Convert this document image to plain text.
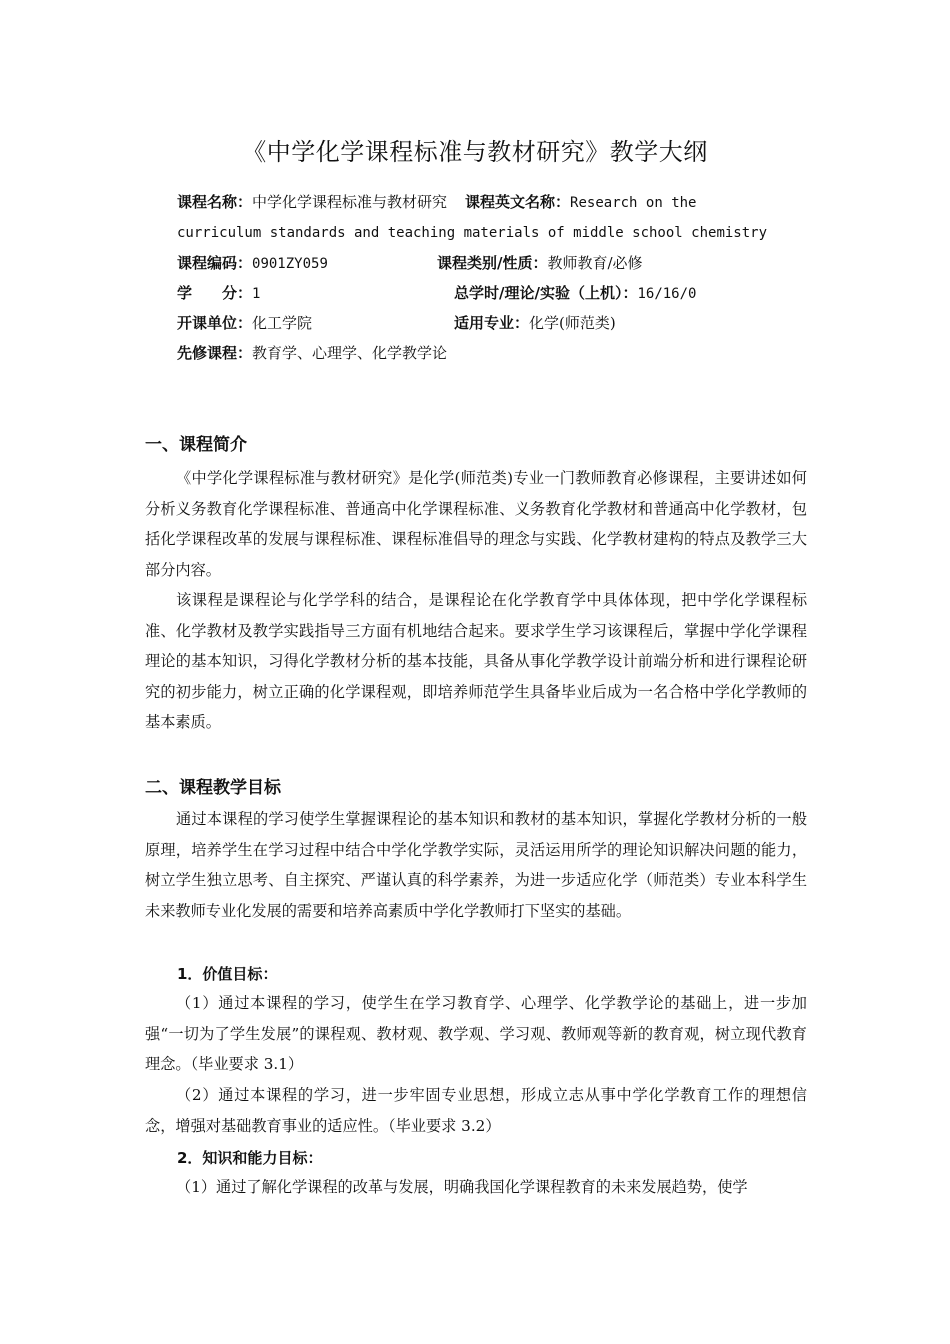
《中学化学课程标准与教材研究》教学大纲
课程名称：中学化学课程标准与教材研究 课程英文名称：Research on the
curriculum standards and teaching materials of middle school chemistry
课程编码：0901ZY059	课程类别/性质：教师教育/必修
学　　分：1	总学时/理论/实验（上机）：16/16/0
开课单位：化工学院	适用专业：化学(师范类)
先修课程：教育学、心理学、化学教学论
一、课程简介
《中学化学课程标准与教材研究》是化学(师范类)专业一门教师教育必修课程，主要讲述如何分析义务教育化学课程标准、普通高中化学课程标准、义务教育化学教材和普通高中化学教材，包括化学课程改革的发展与课程标准、课程标准倡导的理念与实践、化学教材建构的特点及教学三大部分内容。
该课程是课程论与化学学科的结合，是课程论在化学教育学中具体体现，把中学化学课程标准、化学教材及教学实践指导三方面有机地结合起来。要求学生学习该课程后，掌握中学化学课程理论的基本知识，习得化学教材分析的基本技能，具备从事化学教学设计前端分析和进行课程论研究的初步能力，树立正确的化学课程观，即培养师范学生具备毕业后成为一名合格中学化学教师的基本素质。
二、课程教学目标
通过本课程的学习使学生掌握课程论的基本知识和教材的基本知识，掌握化学教材分析的一般原理，培养学生在学习过程中结合中学化学教学实际，灵活运用所学的理论知识解决问题的能力，树立学生独立思考、自主探究、严谨认真的科学素养，为进一步适应化学（师范类）专业本科学生未来教师专业化发展的需要和培养高素质中学化学教师打下坚实的基础。
1．价值目标：
（1）通过本课程的学习，使学生在学习教育学、心理学、化学教学论的基础上，进一步加强“一切为了学生发展”的课程观、教材观、教学观、学习观、教师观等新的教育观，树立现代教育理念。（毕业要求 3.1）
（2）通过本课程的学习，进一步牢固专业思想，形成立志从事中学化学教育工作的理想信念，增强对基础教育事业的适应性。（毕业要求 3.2）
2．知识和能力目标：
（1）通过了解化学课程的改革与发展，明确我国化学课程教育的未来发展趋势，使学
